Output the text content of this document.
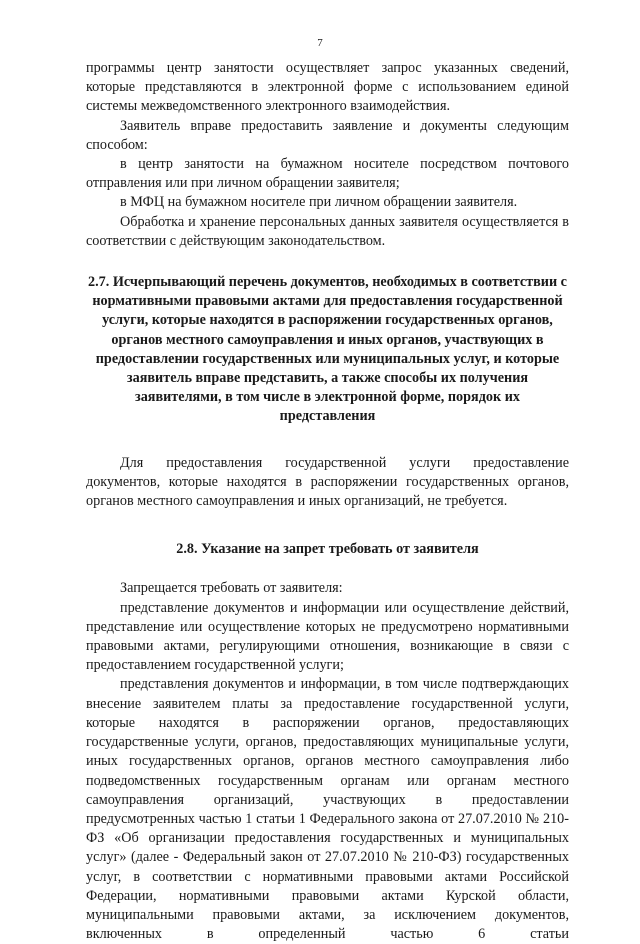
7

программы центр занятости осуществляет запрос указанных сведений, которые представляются в электронной форме с использованием единой системы межведомственного электронного взаимодействия.

Заявитель вправе предоставить заявление и документы следующим способом:

в центр занятости на бумажном носителе посредством почтового отправления или при личном обращении заявителя;

в МФЦ на бумажном носителе при личном обращении заявителя.

Обработка и хранение персональных данных заявителя осуществляется в соответствии с действующим законодательством.

2.7. Исчерпывающий перечень документов, необходимых в соответствии с нормативными правовыми актами для предоставления государственной услуги, которые находятся в распоряжении государственных органов, органов местного самоуправления и иных органов, участвующих в предоставлении государственных или муниципальных услуг, и которые заявитель вправе представить, а также способы их получения заявителями, в том числе в электронной форме, порядок их представления

Для предоставления государственной услуги предоставление документов, которые находятся в распоряжении государственных органов, органов местного самоуправления и иных организаций, не требуется.

2.8. Указание на запрет требовать от заявителя

Запрещается требовать от заявителя:

представление документов и информации или осуществление действий, представление или осуществление которых не предусмотрено нормативными правовыми актами, регулирующими отношения, возникающие в связи с предоставлением государственной услуги;

представления документов и информации, в том числе подтверждающих внесение заявителем платы за предоставление государственной услуги, которые находятся в распоряжении органов, предоставляющих государственные услуги, органов, предоставляющих муниципальные услуги, иных государственных органов, органов местного самоуправления либо подведомственных государственным органам или органам местного самоуправления организаций, участвующих в предоставлении предусмотренных частью 1 статьи 1 Федерального закона от 27.07.2010 № 210-ФЗ «Об организации предоставления государственных и муниципальных услуг» (далее - Федеральный закон от 27.07.2010 № 210-ФЗ) государственных услуг, в соответствии с нормативными правовыми актами Российской Федерации, нормативными правовыми актами Курской области, муниципальными правовыми актами, за исключением документов, включенных в определенный частью 6 статьи
